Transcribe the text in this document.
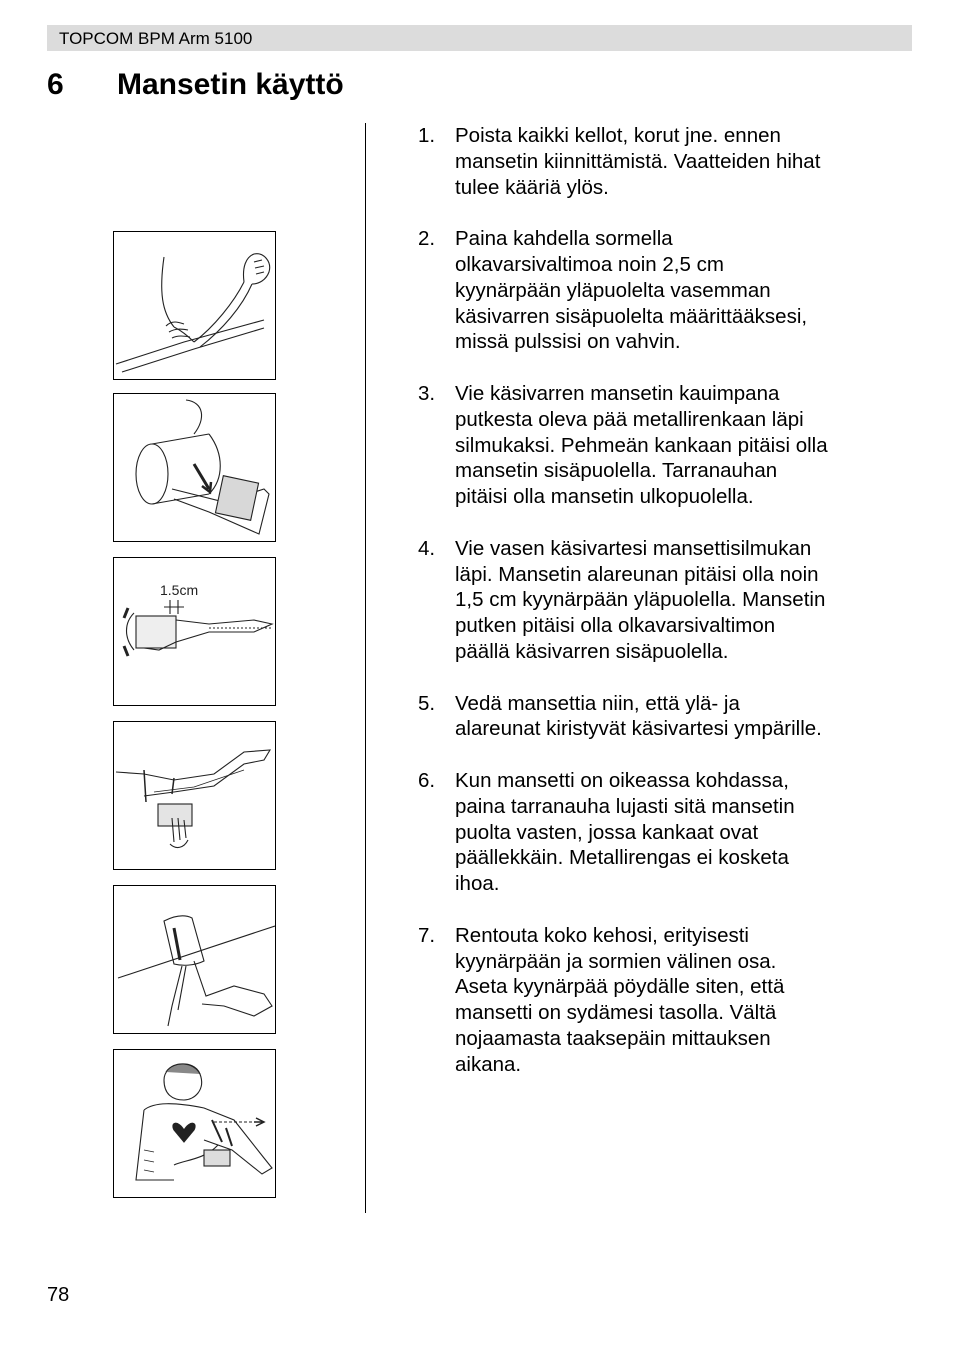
TOPCOM BPM Arm 5100
6 Mansetin käyttö
1.5cm
1. Poista kaikki kellot, korut jne. ennen mansetin kiinnittämistä. Vaatteiden hihat tulee kääriä ylös.
2. Paina kahdella sormella olkavarsivaltimoa noin 2,5 cm kyynärpään yläpuolelta vasemman käsivarren sisäpuolelta määrittääksesi, missä pulssisi on vahvin.
3. Vie käsivarren mansetin kauimpana putkesta oleva pää metallirenkaan läpi silmukaksi. Pehmeän kankaan pitäisi olla mansetin sisäpuolella. Tarranauhan pitäisi olla mansetin ulkopuolella.
4. Vie vasen käsivartesi mansettisilmukan läpi. Mansetin alareunan pitäisi olla noin 1,5 cm kyynärpään yläpuolella. Mansetin putken pitäisi olla olkavarsivaltimon päällä käsivarren sisäpuolella.
5. Vedä mansettia niin, että ylä- ja alareunat kiristyvät käsivartesi ympärille.
6. Kun mansetti on oikeassa kohdassa, paina tarranauha lujasti sitä mansetin puolta vasten, jossa kankaat ovat päällekkäin. Metallirengas ei kosketa ihoa.
7. Rentouta koko kehosi, erityisesti kyynärpään ja sormien välinen osa. Aseta kyynärpää pöydälle siten, että mansetti on sydämesi tasolla. Vältä nojaamasta taaksepäin mittauksen aikana.
78
